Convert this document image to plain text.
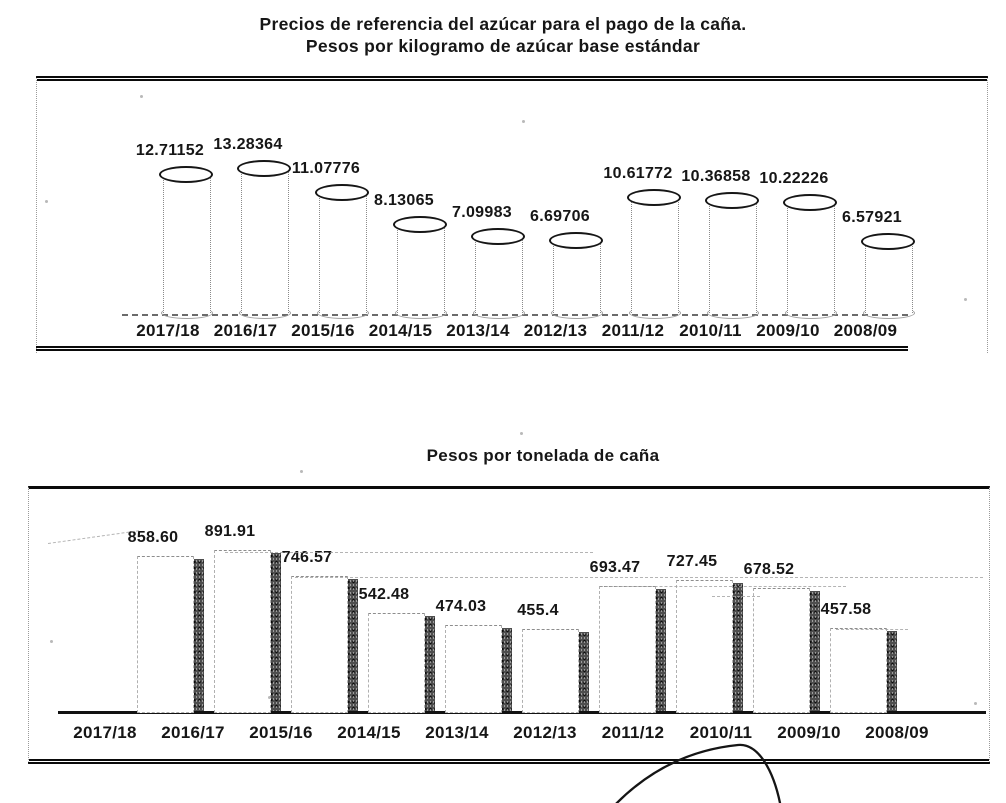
Precios de referencia del azúcar para el pago de la caña.
Pesos por kilogramo de azúcar base estándar
12.71152
2017/18
13.28364
2016/17
11.07776
2015/16
8.13065
2014/15
7.09983
2013/14
6.69706
2012/13
10.61772
2011/12
10.36858
2010/11
10.22226
2009/10
6.57921
2008/09
Pesos por tonelada de caña
858.60
2017/18
891.91
2016/17
746.57
2015/16
542.48
2014/15
474.03
2013/14
455.4
2012/13
693.47
2011/12
727.45
2010/11
678.52
2009/10
457.58
2008/09
